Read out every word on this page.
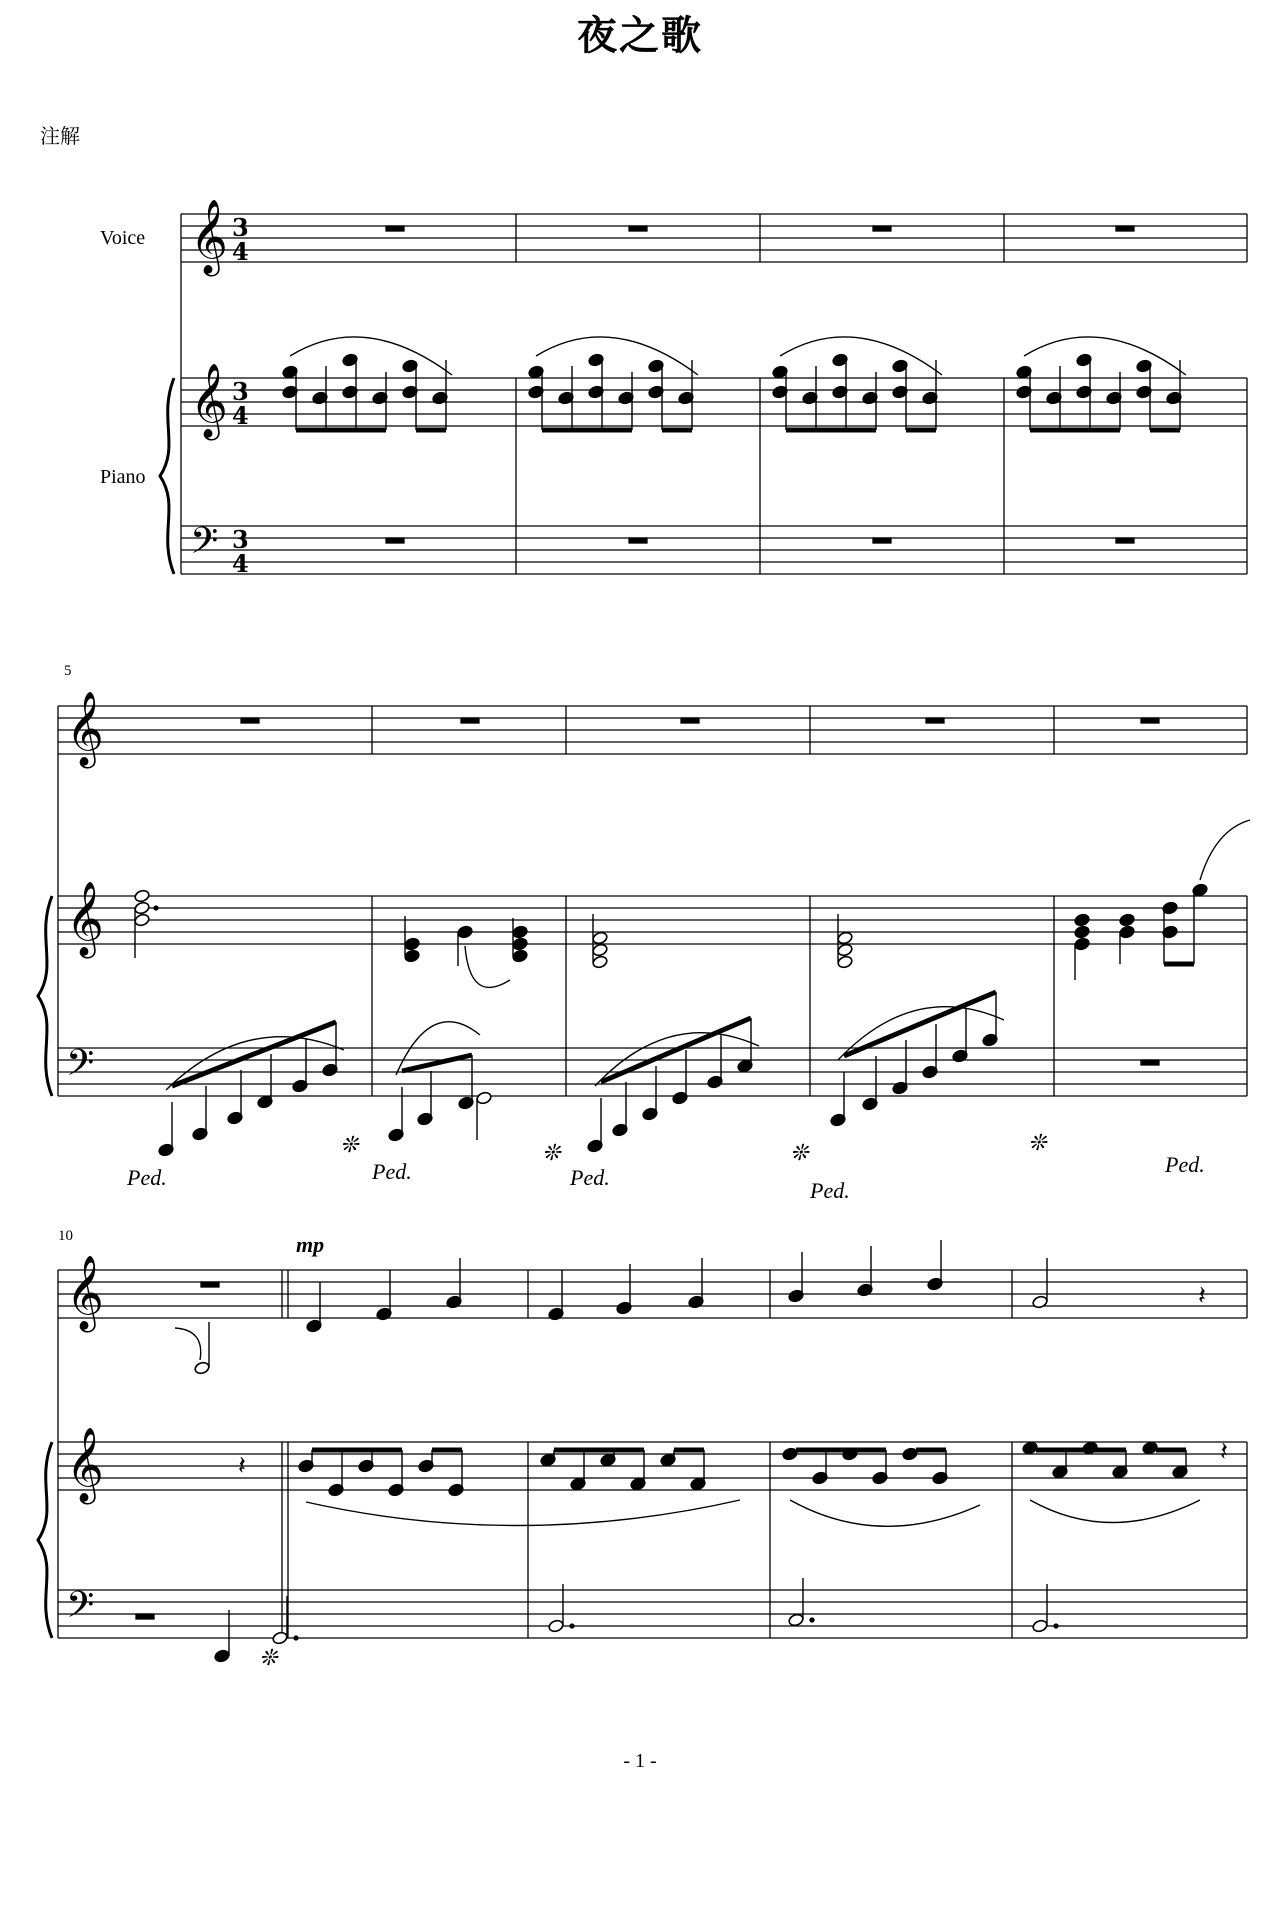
夜之歌
注解
𝄞
𝄞
𝄢
3
4
3
4
3
4
𝄞
𝄞
𝄢
𝄞
𝄞
𝄢
𝄽
𝄽
𝄽
Voice
Piano
5
10	mp
Ped.	Ped.	Ped.
Ped.
Ped.
❊	❊	❊	❊
❊
- 1 -
